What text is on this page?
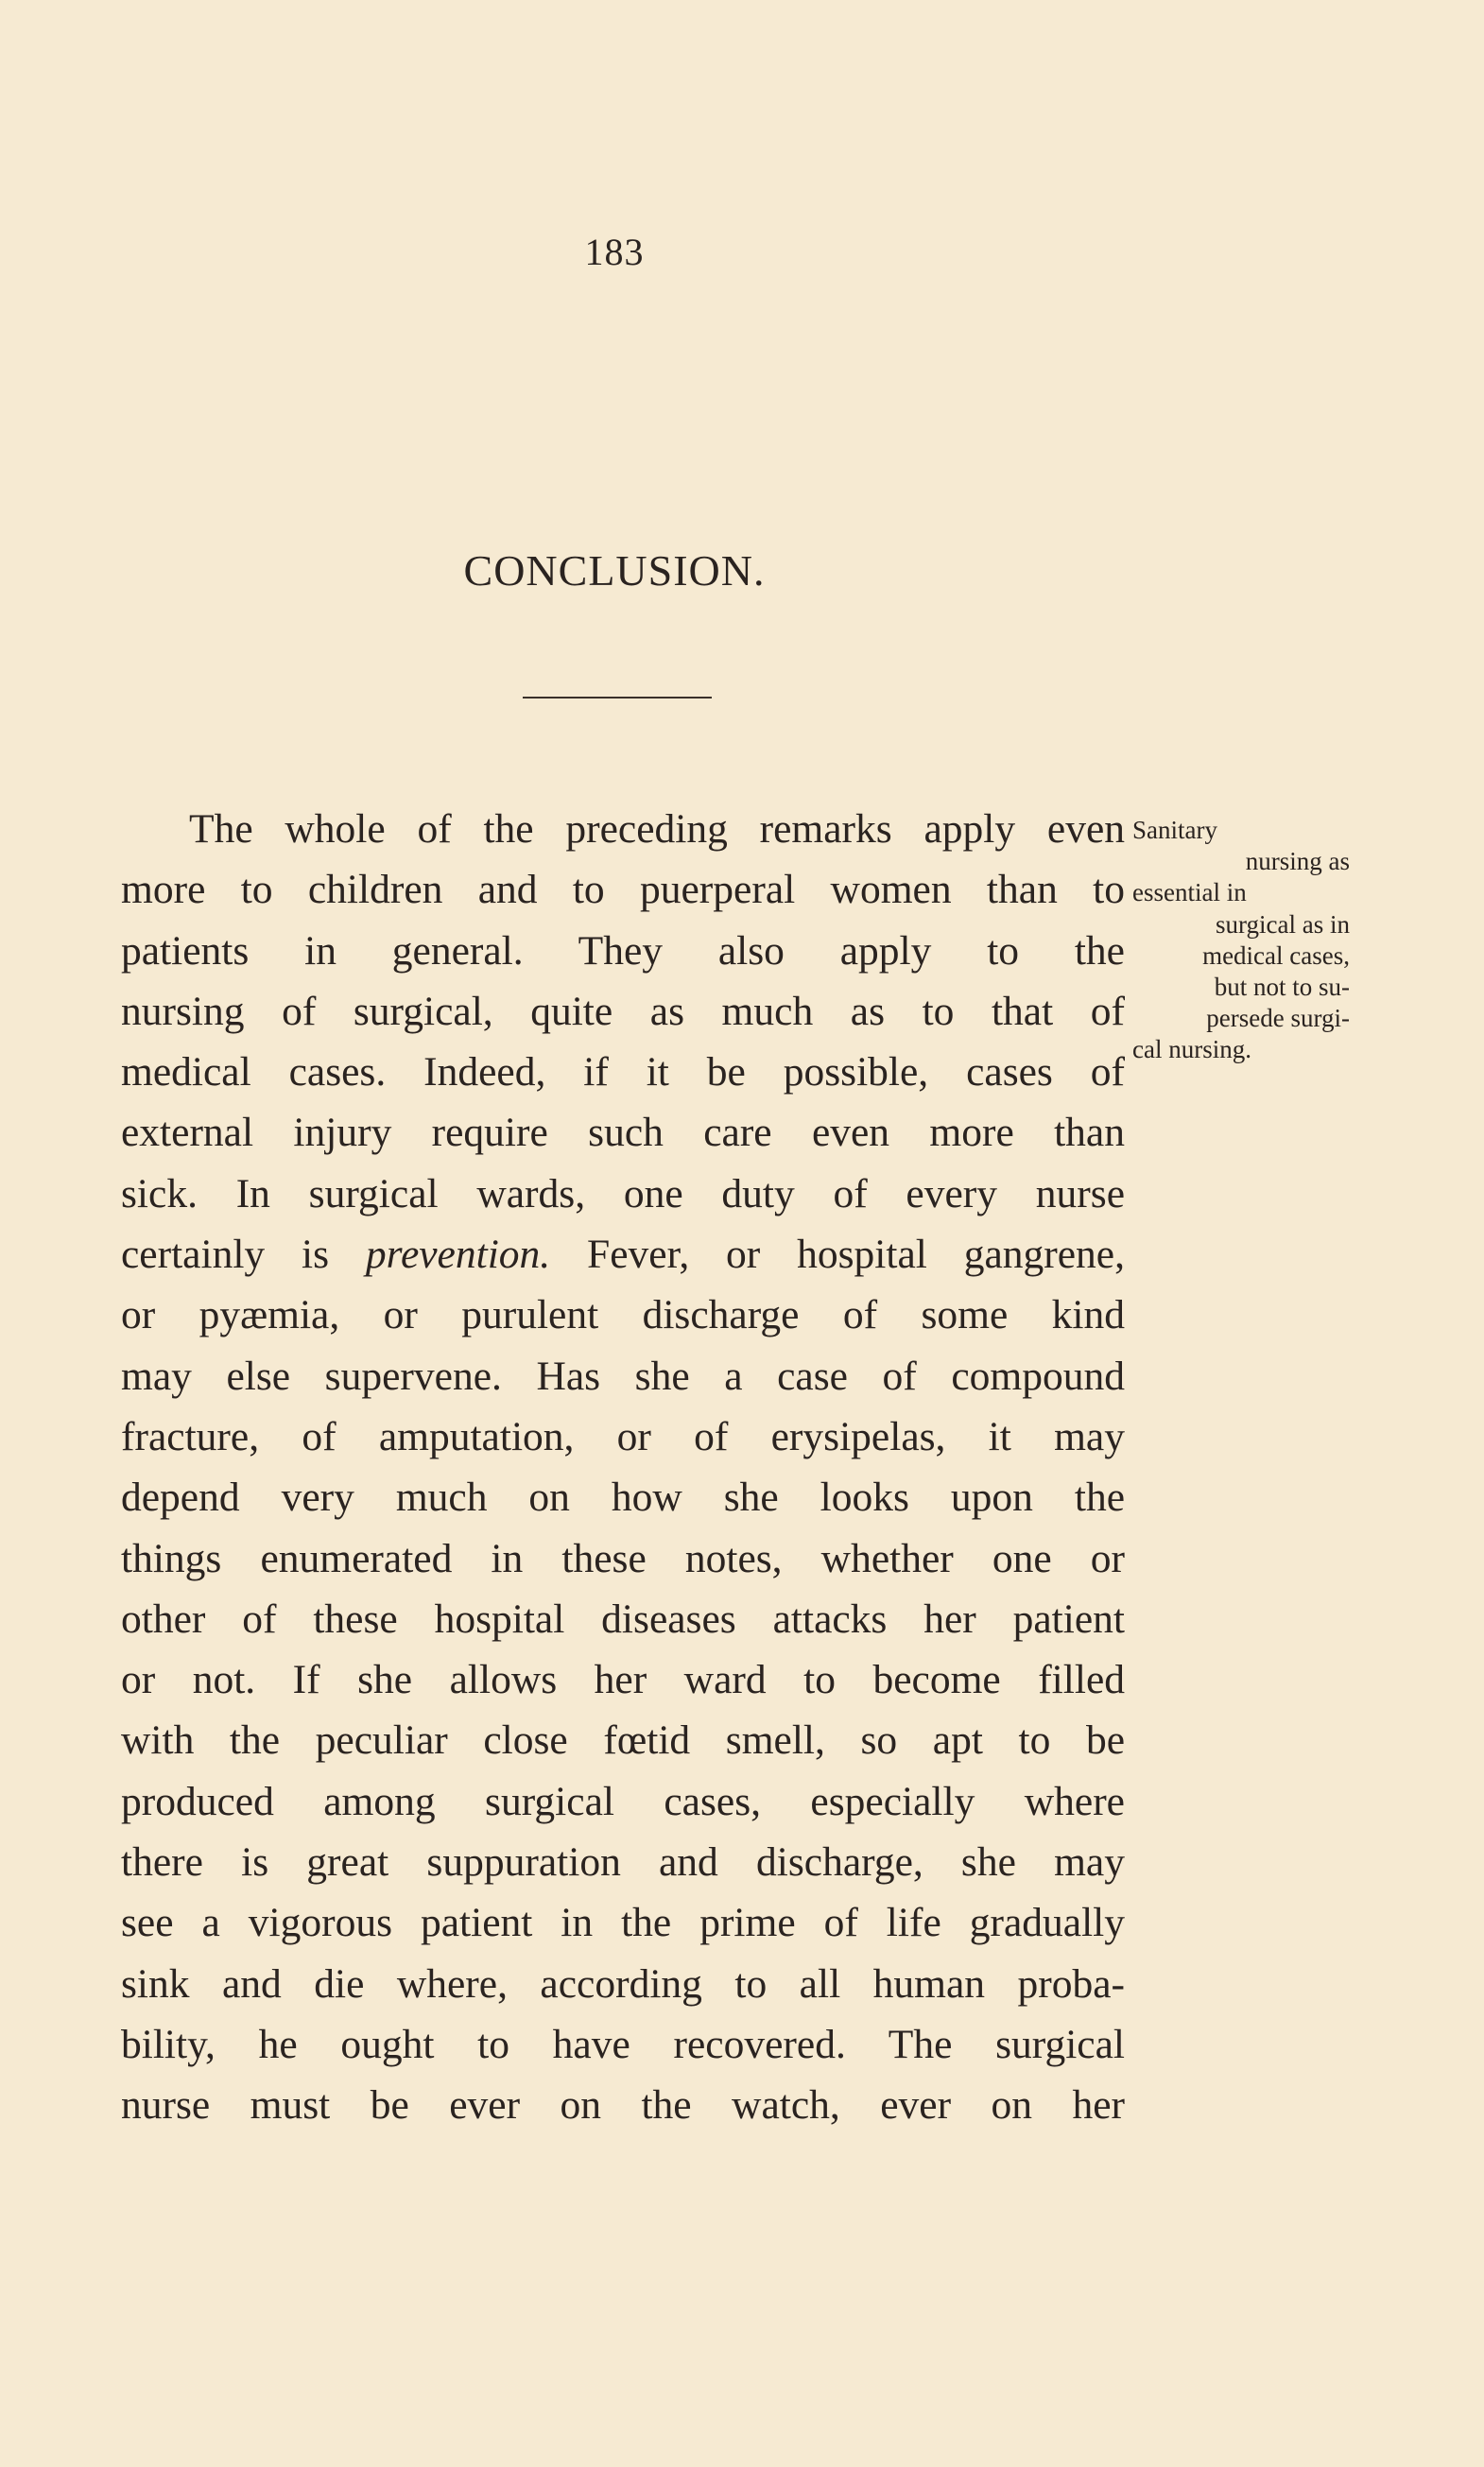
183
CONCLUSION.
The whole of the preceding remarks apply even
more to children and to puerperal women than to
patients in general. They also apply to the
nursing of surgical, quite as much as to that of
medical cases. Indeed, if it be possible, cases of
external injury require such care even more than
sick. In surgical wards, one duty of every nurse
certainly is prevention. Fever, or hospital gangrene,
or pyæmia, or purulent discharge of some kind
may else supervene. Has she a case of compound
fracture, of amputation, or of erysipelas, it may
depend very much on how she looks upon the
things enumerated in these notes, whether one or
other of these hospital diseases attacks her patient
or not. If she allows her ward to become filled
with the peculiar close fœtid smell, so apt to be
produced among surgical cases, especially where
there is great suppuration and discharge, she may
see a vigorous patient in the prime of life gradually
sink and die where, according to all human proba-
bility, he ought to have recovered. The surgical
nurse must be ever on the watch, ever on her
Sanitary
nursing as
essential in
surgical as in
medical cases,
but not to su-
persede surgi-
cal nursing.
